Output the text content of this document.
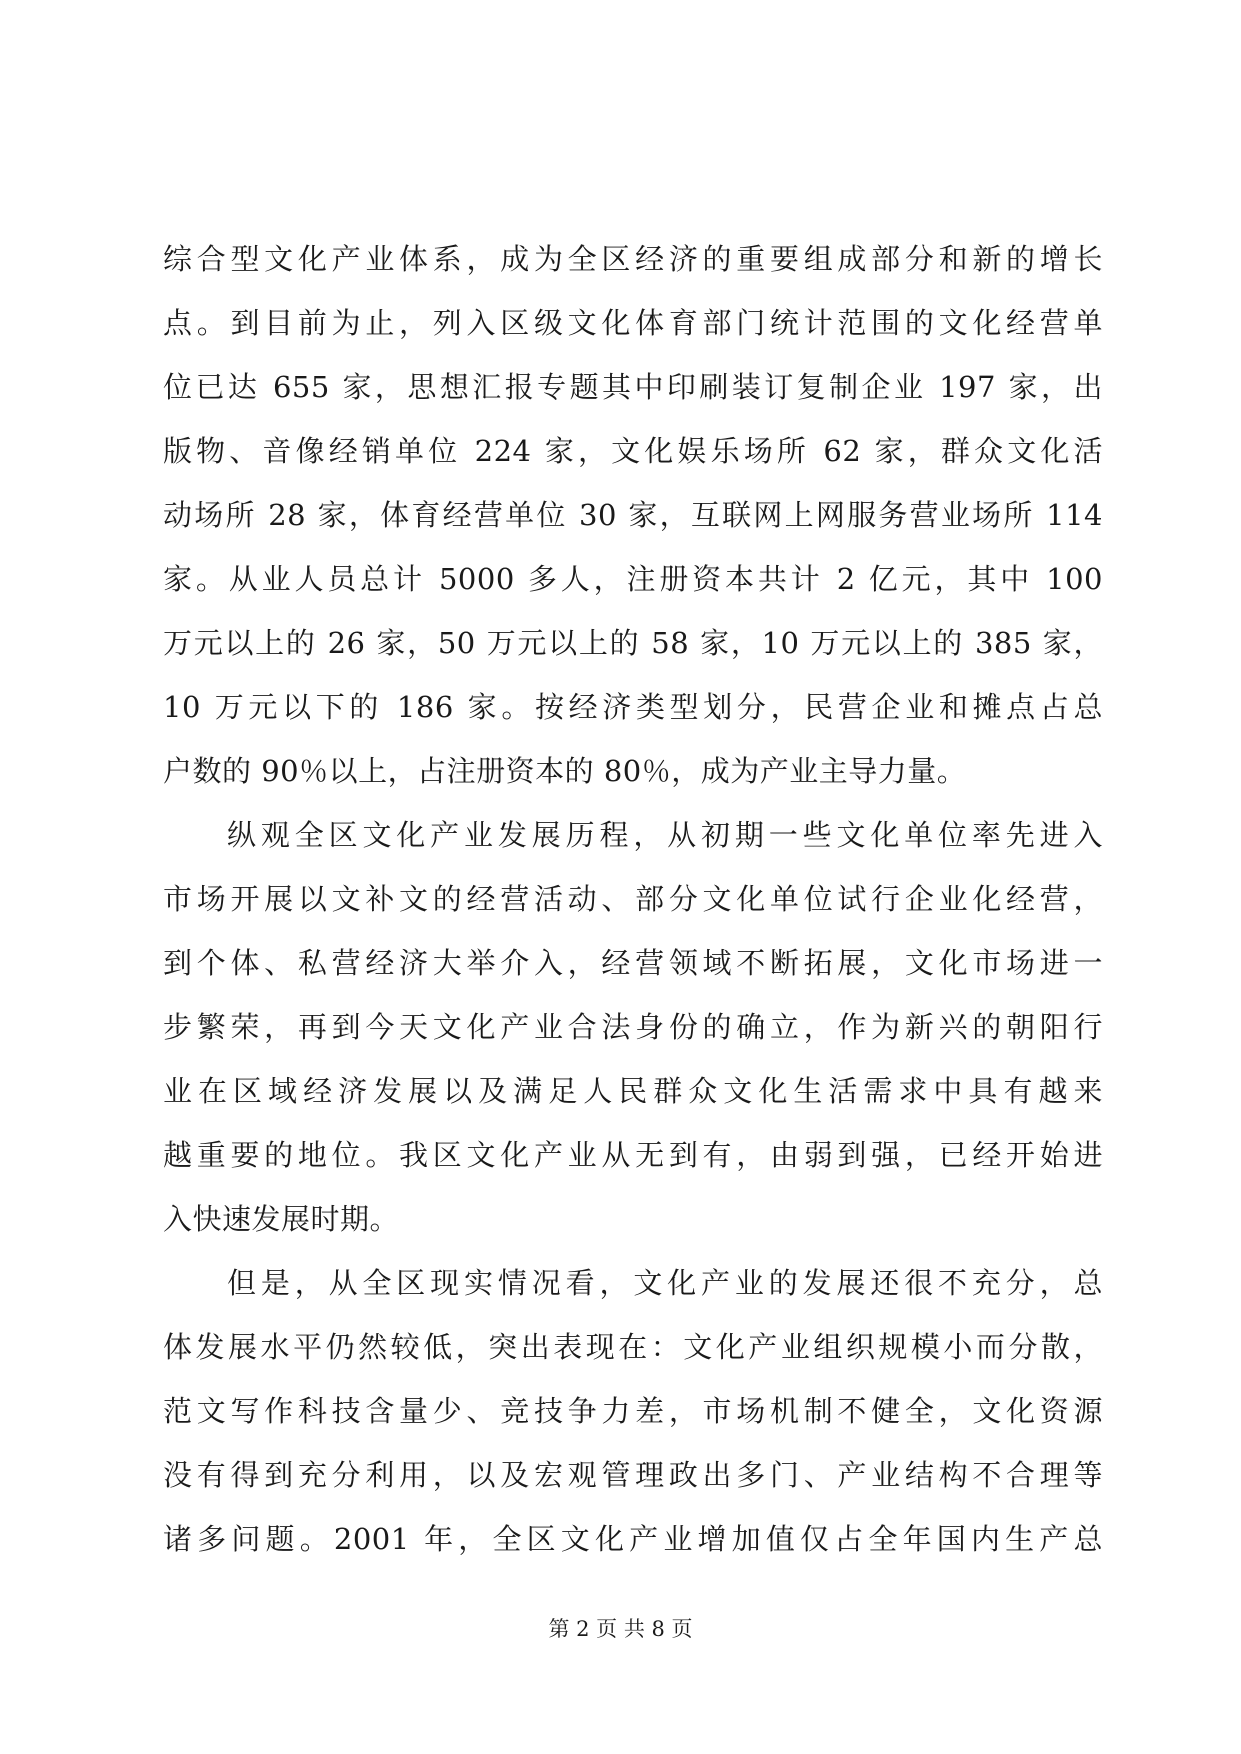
综合型文化产业体系，成为全区经济的重要组成部分和新的增长
点。到目前为止，列入区级文化体育部门统计范围的文化经营单
位已达 655 家，思想汇报专题其中印刷装订复制企业 197 家，出
版物、音像经销单位 224 家，文化娱乐场所 62 家，群众文化活
动场所 28 家，体育经营单位 30 家，互联网上网服务营业场所 114
家。从业人员总计 5000 多人，注册资本共计 2 亿元，其中 100
万元以上的 26 家，50 万元以上的 58 家，10 万元以上的 385 家，
10 万元以下的 186 家。按经济类型划分，民营企业和摊点占总
户数的 90％以上，占注册资本的 80％，成为产业主导力量。
纵观全区文化产业发展历程，从初期一些文化单位率先进入
市场开展以文补文的经营活动、部分文化单位试行企业化经营，
到个体、私营经济大举介入，经营领域不断拓展，文化市场进一
步繁荣，再到今天文化产业合法身份的确立，作为新兴的朝阳行
业在区域经济发展以及满足人民群众文化生活需求中具有越来
越重要的地位。我区文化产业从无到有，由弱到强，已经开始进
入快速发展时期。
但是，从全区现实情况看，文化产业的发展还很不充分，总
体发展水平仍然较低，突出表现在：文化产业组织规模小而分散，
范文写作科技含量少、竞技争力差，市场机制不健全，文化资源
没有得到充分利用，以及宏观管理政出多门、产业结构不合理等
诸多问题。2001 年，全区文化产业增加值仅占全年国内生产总
第 2 页 共 8 页
